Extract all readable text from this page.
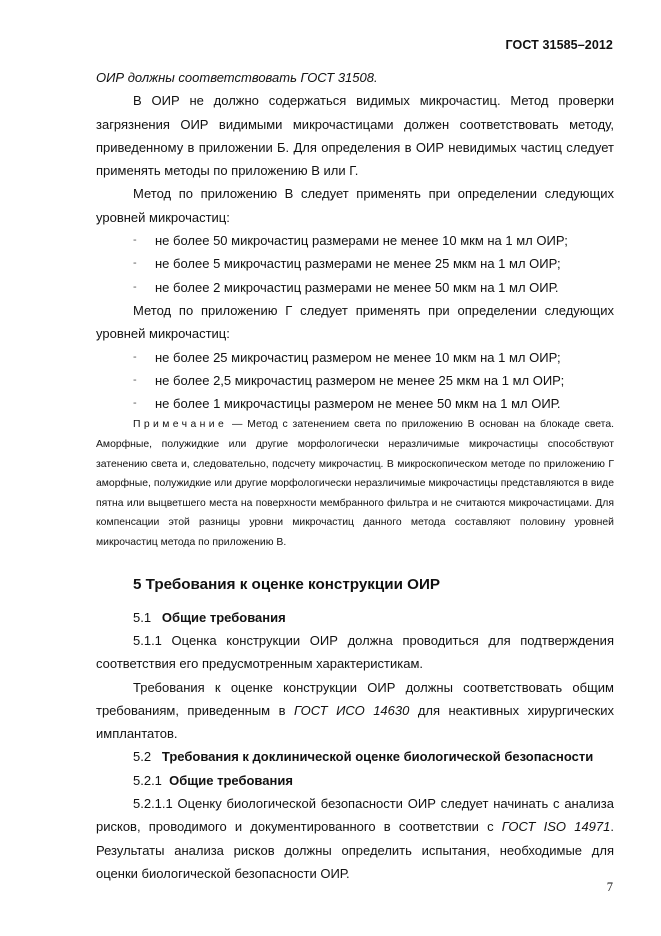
ГОСТ 31585–2012

ОИР должны соответствовать ГОСТ 31508.

В ОИР не должно содержаться видимых микрочастиц. Метод проверки загрязнения ОИР видимыми микрочастицами должен соответствовать методу, приведенному в приложении Б. Для определения в ОИР невидимых частиц следует применять методы по приложению В или Г.

Метод по приложению В следует применять при определении следующих уровней микрочастиц:

- не более 50 микрочастиц размерами не менее 10 мкм на 1 мл ОИР;

- не более 5 микрочастиц размерами не менее 25 мкм на 1 мл ОИР;

- не более 2 микрочастиц размерами не менее 50 мкм на 1 мл ОИР.

Метод по приложению Г следует применять при определении следующих уровней микрочастиц:

- не более 25 микрочастиц размером не менее 10 мкм на 1 мл ОИР;

- не более 2,5 микрочастиц размером не менее 25 мкм на 1 мл ОИР;

- не более 1 микрочастицы размером не менее 50 мкм на 1 мл ОИР.

Примечание — Метод с затенением света по приложению В основан на блокаде света. Аморфные, полужидкие или другие морфологически неразличимые микрочастицы способствуют затенению света и, следовательно, подсчету микрочастиц. В микроскопическом методе по приложению Г аморфные, полужидкие или другие морфологически неразличимые микрочастицы представляются в виде пятна или выцветшего места на поверхности мембранного фильтра и не считаются микрочастицами. Для компенсации этой разницы уровни микрочастиц данного метода составляют половину уровней микрочастиц метода по приложению В.

5 Требования к оценке конструкции ОИР

5.1 Общие требования

5.1.1 Оценка конструкции ОИР должна проводиться для подтверждения соответствия его предусмотренным характеристикам.

Требования к оценке конструкции ОИР должны соответствовать общим требованиям, приведенным в ГОСТ ИСО 14630 для неактивных хирургических имплантатов.

5.2 Требования к доклинической оценке биологической безопасности

5.2.1 Общие требования

5.2.1.1 Оценку биологической безопасности ОИР следует начинать с анализа рисков, проводимого и документированного в соответствии с ГОСТ ISO 14971. Результаты анализа рисков должны определить испытания, необходимые для оценки биологической безопасности ОИР.

7
